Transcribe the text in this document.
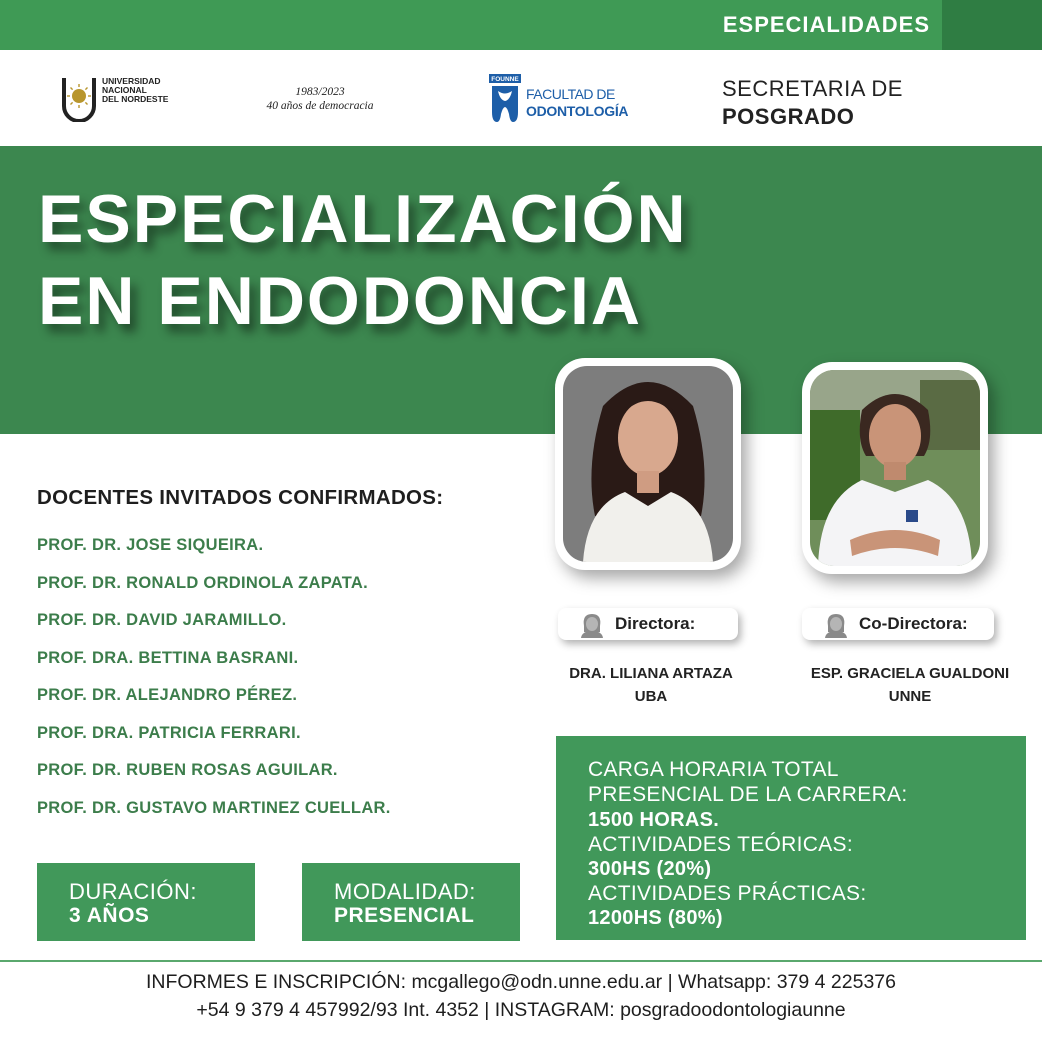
ESPECIALIDADES
UNIVERSIDAD
NACIONAL
DEL NORDESTE
1983/2023
40 años de democracia
FOUNNE
FACULTAD DE
ODONTOLOGÍA
SECRETARIA DE
POSGRADO
ESPECIALIZACIÓN
EN ENDODONCIA
DOCENTES INVITADOS CONFIRMADOS:
PROF. DR. JOSE SIQUEIRA.
PROF. DR. RONALD ORDINOLA ZAPATA.
PROF. DR. DAVID JARAMILLO.
PROF. DRA. BETTINA BASRANI.
PROF. DR. ALEJANDRO PÉREZ.
PROF. DRA. PATRICIA FERRARI.
PROF. DR. RUBEN ROSAS AGUILAR.
PROF. DR. GUSTAVO MARTINEZ CUELLAR.
Directora:	Co-Directora:
DRA. LILIANA ARTAZA
UBA
ESP. GRACIELA GUALDONI
UNNE
DURACIÓN:
3 AÑOS
MODALIDAD:
PRESENCIAL
CARGA HORARIA TOTAL
PRESENCIAL DE LA CARRERA:
1500 HORAS.
ACTIVIDADES TEÓRICAS:
300HS (20%)
ACTIVIDADES PRÁCTICAS:
1200HS (80%)
INFORMES E INSCRIPCIÓN: mcgallego@odn.unne.edu.ar | Whatsapp: 379 4 225376
+54 9 379 4 457992/93 Int. 4352 | INSTAGRAM: posgradoodontologiaunne
